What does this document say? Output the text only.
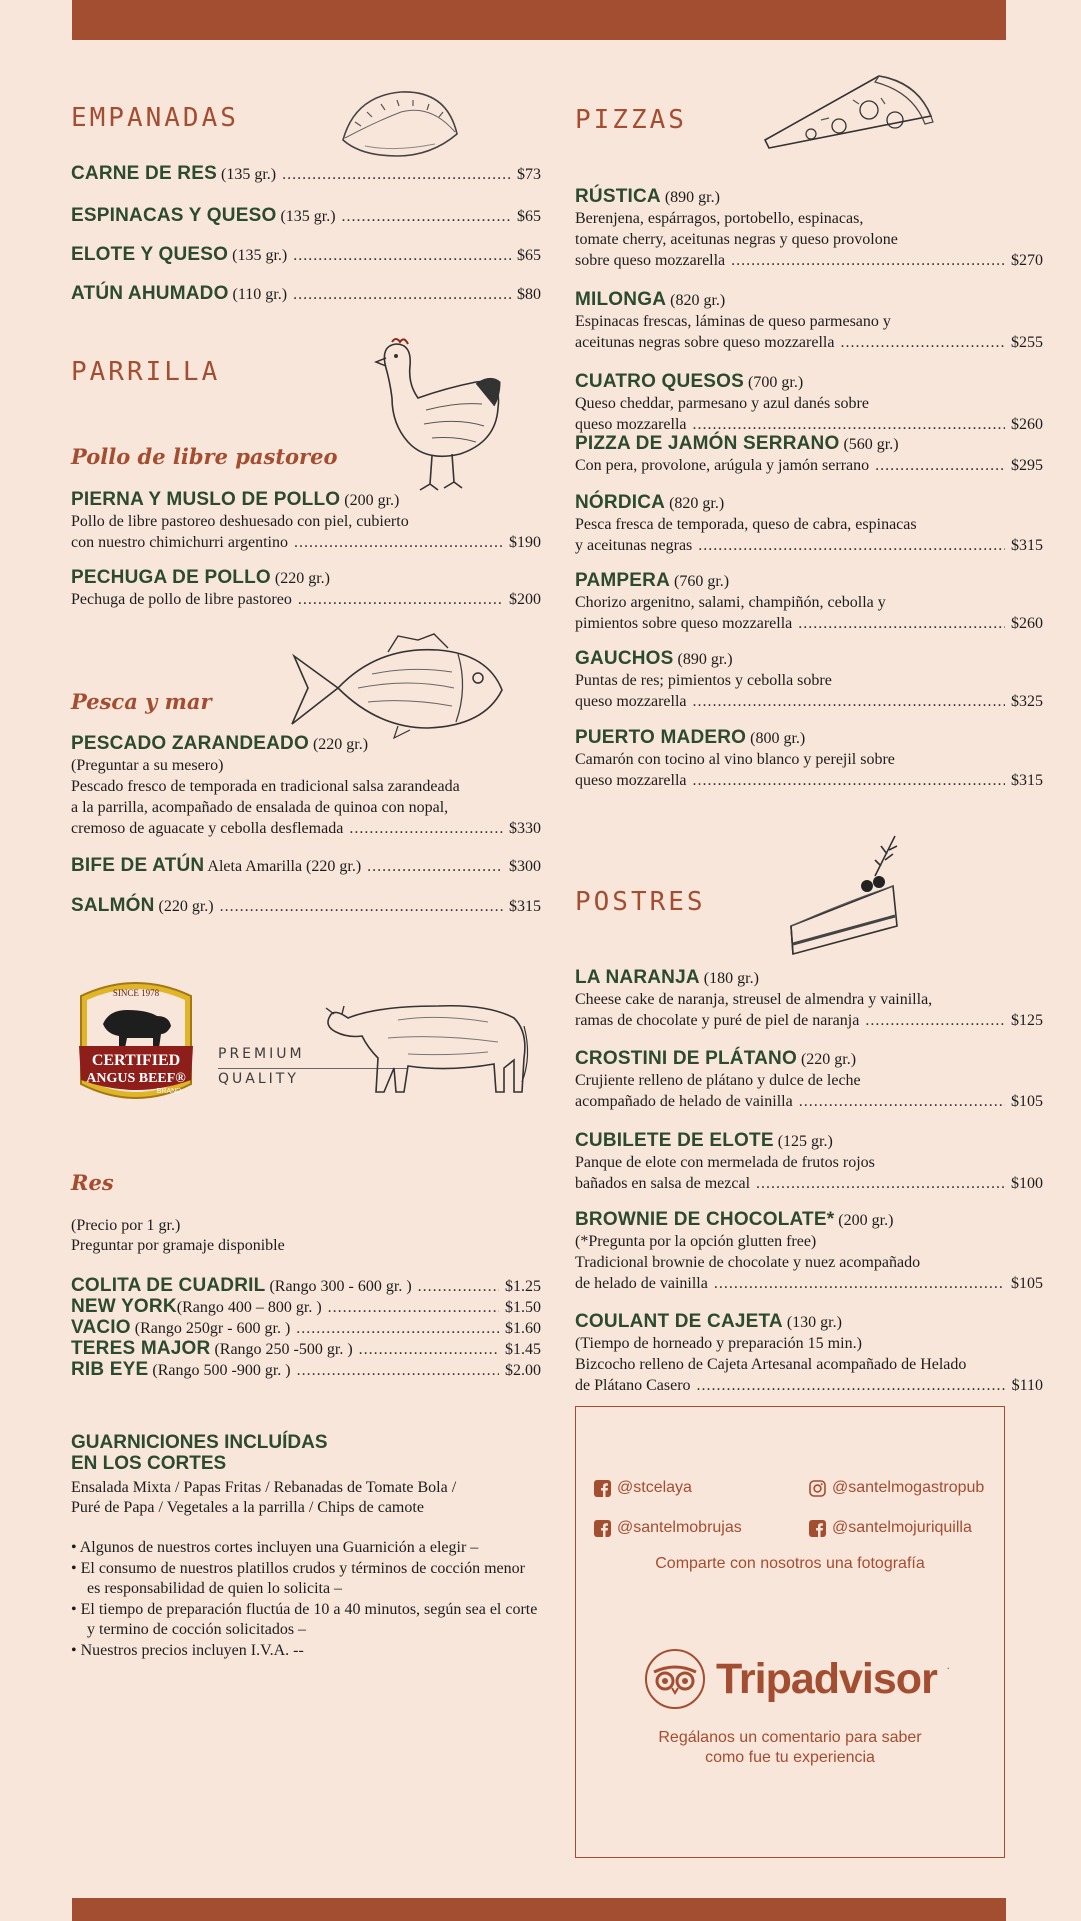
EMPANADAS
CARNE DE RES (135 gr.) .....	$73
ESPINACAS Y QUESO (135 gr.) .....	$65
ELOTE Y QUESO (135 gr.) .....	$65
ATÚN AHUMADO (110 gr.) .....	$80
PARRILLA
Pollo de libre pastoreo
PIERNA Y MUSLO DE POLLO (200 gr.)
Pollo de libre pastoreo deshuesado con piel, cubierto
con nuestro chimichurri argentino .....	$190
PECHUGA DE POLLO (220 gr.)
Pechuga de pollo de libre pastoreo .....	$200
Pesca y mar
PESCADO ZARANDEADO (220 gr.)
(Preguntar a su mesero)
Pescado fresco de temporada en tradicional salsa zarandeada
a la parrilla, acompañado de ensalada de quinoa con nopal,
cremoso de aguacate y cebolla desflemada .....	$330
BIFE DE ATÚN Aleta Amarilla (220 gr.) .....	$300
SALMÓN (220 gr.) .....	$315
SINCE 1978
CERTIFIED
ANGUS BEEF®
BRAND
PREMIUM
QUALITY
Res
(Precio por 1 gr.)
Preguntar por gramaje disponible
COLITA DE CUADRIL (Rango 300 - 600 gr. ) .....	$1.25
NEW YORK(Rango 400 – 800 gr. ) .....	$1.50
VACIO (Rango 250gr - 600 gr. ) .....	$1.60
TERES MAJOR (Rango 250 -500 gr. ) .....	$1.45
RIB EYE (Rango 500 -900 gr. ) .....	$2.00
GUARNICIONES INCLUÍDAS
EN LOS CORTES
Ensalada Mixta / Papas Fritas / Rebanadas de Tomate Bola /
Puré de Papa / Vegetales a la parrilla / Chips de camote
• Algunos de nuestros cortes incluyen una Guarnición a elegir –
• El consumo de nuestros platillos crudos y términos de cocción menor es responsabilidad de quien lo solicita –
• El tiempo de preparación fluctúa de 10 a 40 minutos, según sea el corte y termino de cocción solicitados –
• Nuestros precios incluyen I.V.A. --
PIZZAS
RÚSTICA (890 gr.)
Berenjena, espárragos, portobello, espinacas,
tomate cherry, aceitunas negras y queso provolone
sobre queso mozzarella .....	$270
MILONGA (820 gr.)
Espinacas frescas, láminas de queso parmesano y
aceitunas negras sobre queso mozzarella .....	$255
CUATRO QUESOS (700 gr.)
Queso cheddar, parmesano y azul danés sobre
queso mozzarella .....	$260
PIZZA DE JAMÓN SERRANO (560 gr.)
Con pera, provolone, arúgula y jamón serrano .....	$295
NÓRDICA (820 gr.)
Pesca fresca de temporada, queso de cabra, espinacas
y aceitunas negras .....	$315
PAMPERA (760 gr.)
Chorizo argenitno, salami, champiñón, cebolla y
pimientos sobre queso mozzarella .....	$260
GAUCHOS (890 gr.)
Puntas de res; pimientos y cebolla sobre
queso mozzarella .....	$325
PUERTO MADERO (800 gr.)
Camarón con tocino al vino blanco y perejil sobre
queso mozzarella .....	$315
POSTRES
LA NARANJA (180 gr.)
Cheese cake de naranja, streusel de almendra y vainilla,
ramas de chocolate y puré de piel de naranja .....	$125
CROSTINI DE PLÁTANO (220 gr.)
Crujiente relleno de plátano y dulce de leche
acompañado de helado de vainilla .....	$105
CUBILETE DE ELOTE (125 gr.)
Panque de elote con mermelada de frutos rojos
bañados en salsa de mezcal .....	$100
BROWNIE DE CHOCOLATE* (200 gr.)
(*Pregunta por la opción glutten free)
Tradicional brownie de chocolate y nuez acompañado
de helado de vainilla .....	$105
COULANT DE CAJETA (130 gr.)
(Tiempo de horneado y preparación 15 min.)
Bizcocho relleno de Cajeta Artesanal acompañado de Helado
de Plátano Casero .....	$110
@stcelaya	@santelmogastropub
@santelmobrujas	@santelmojuriquilla
Comparte con nosotros una fotografía
Tripadvisor .
Regálanos un comentario para saber
como fue tu experiencia
